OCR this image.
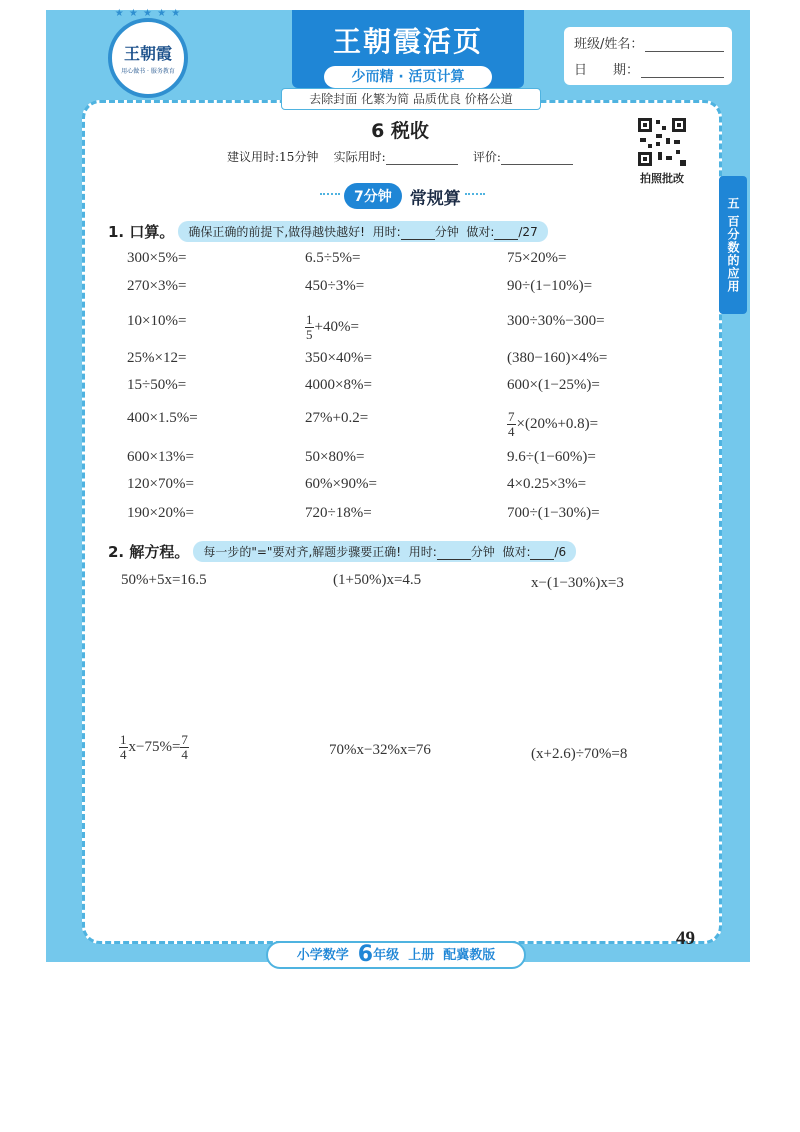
★ ★ ★ ★ ★
王朝霞
用心做书 · 服务教育
王朝霞活页
少而精 · 活页计算
去除封面 化繁为简 品质优良 价格公道
班级/姓名：
日　　期：
6 税收
建议用时:15分钟 实际用时:	评价:
拍照批改
五 百分数的应用
7分钟	常规算
1. 口算。	确保正确的前提下,做得越快越好! 用时:	分钟 做对: /27
300×5%=	6.5÷5%=	75×20%=
270×3%=	450÷3%=	90÷(1−10%)=
10×10%=	$\frac{1}{5} +40\%=$	300÷30%−300=
25%×12=	350×40%=	(380−160)×4%=
15÷50%=	4000×8%=	600×(1−25%)=
400×1.5%=	27%+0.2=	$\frac{7}{4} \times(20\%+0.8)=$
600×13%=	50×80%=	9.6÷(1−60%)=
120×70%=	60%×90%=	4×0.25×3%=
190×20%=	720÷18%=	700÷(1−30%)=
2. 解方程。	每一步的"="要对齐,解题步骤要正确! 用时:	分钟 做对: /6
50%+5x=16.5	(1+50%)x=4.5	x−(1−30%)x=3
$\frac{1}{4} x-75\%= \frac{7}{4}$	70%x−32%x=76	(x+2.6)÷70%=8
小学数学 6年级 上册 配冀教版
49
